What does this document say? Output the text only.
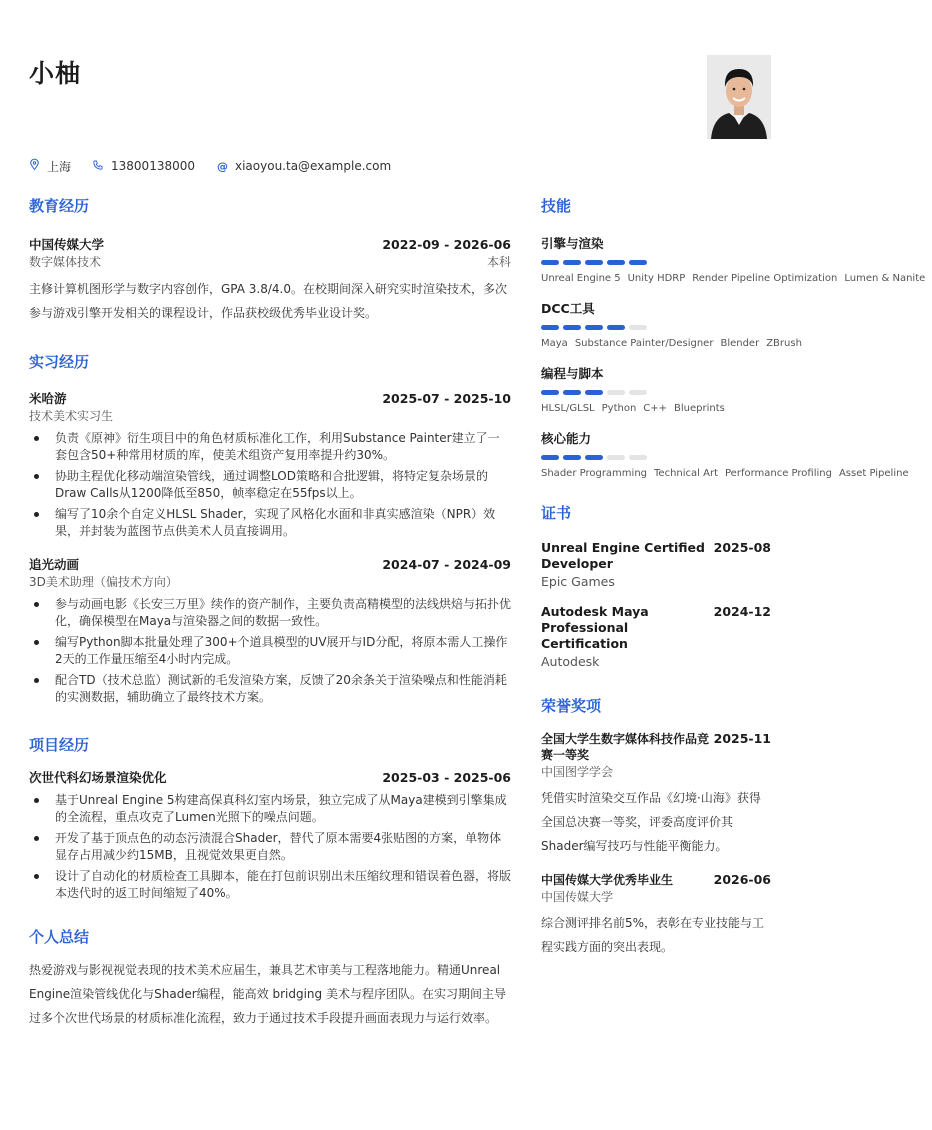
小柚
上海	13800138000 @ xiaoyou.ta@example.com
教育经历
中国传媒大学	2022-09 - 2026-06
数字媒体技术	本科
主修计算机图形学与数字内容创作，GPA 3.8/4.0。在校期间深入研究实时渲染技术，多次参与游戏引擎开发相关的课程设计，作品获校级优秀毕业设计奖。
实习经历
米哈游	2025-07 - 2025-10
技术美术实习生
负责《原神》衍生项目中的角色材质标准化工作，利用Substance Painter建立了一套包含50+种常用材质的库，使美术组资产复用率提升约30%。
协助主程优化移动端渲染管线，通过调整LOD策略和合批逻辑，将特定复杂场景的Draw Calls从1200降低至850，帧率稳定在55fps以上。
编写了10余个自定义HLSL Shader，实现了风格化水面和非真实感渲染（NPR）效果，并封装为蓝图节点供美术人员直接调用。
追光动画	2024-07 - 2024-09
3D美术助理（偏技术方向）
参与动画电影《长安三万里》续作的资产制作，主要负责高精模型的法线烘焙与拓扑优化，确保模型在Maya与渲染器之间的数据一致性。
编写Python脚本批量处理了300+个道具模型的UV展开与ID分配，将原本需人工操作2天的工作量压缩至4小时内完成。
配合TD（技术总监）测试新的毛发渲染方案，反馈了20余条关于渲染噪点和性能消耗的实测数据，辅助确立了最终技术方案。
项目经历
次世代科幻场景渲染优化	2025-03 - 2025-06
基于Unreal Engine 5构建高保真科幻室内场景，独立完成了从Maya建模到引擎集成的全流程，重点攻克了Lumen光照下的噪点问题。
开发了基于顶点色的动态污渍混合Shader，替代了原本需要4张贴图的方案，单物体显存占用减少约15MB，且视觉效果更自然。
设计了自动化的材质检查工具脚本，能在打包前识别出未压缩纹理和错误着色器，将版本迭代时的返工时间缩短了40%。
个人总结
热爱游戏与影视视觉表现的技术美术应届生，兼具艺术审美与工程落地能力。精通Unreal Engine渲染管线优化与Shader编程，能高效 bridging 美术与程序团队。在实习期间主导过多个次世代场景的材质标准化流程，致力于通过技术手段提升画面表现力与运行效率。
技能
引擎与渲染
Unreal Engine 5 Unity HDRP Render Pipeline Optimization Lumen & Nanite
DCC工具
Maya Substance Painter/Designer Blender ZBrush
编程与脚本
HLSL/GLSL Python C++ Blueprints
核心能力
Shader Programming Technical Art Performance Profiling Asset Pipeline
证书
Unreal Engine Certified Developer
2025-08
Epic Games
Autodesk Maya Professional Certification
2024-12
Autodesk
荣誉奖项
全国大学生数字媒体科技作品竞赛一等奖
2025-11
中国图学学会
凭借实时渲染交互作品《幻境·山海》获得全国总决赛一等奖，评委高度评价其Shader编写技巧与性能平衡能力。
中国传媒大学优秀毕业生	2026-06
中国传媒大学
综合测评排名前5%，表彰在专业技能与工程实践方面的突出表现。
